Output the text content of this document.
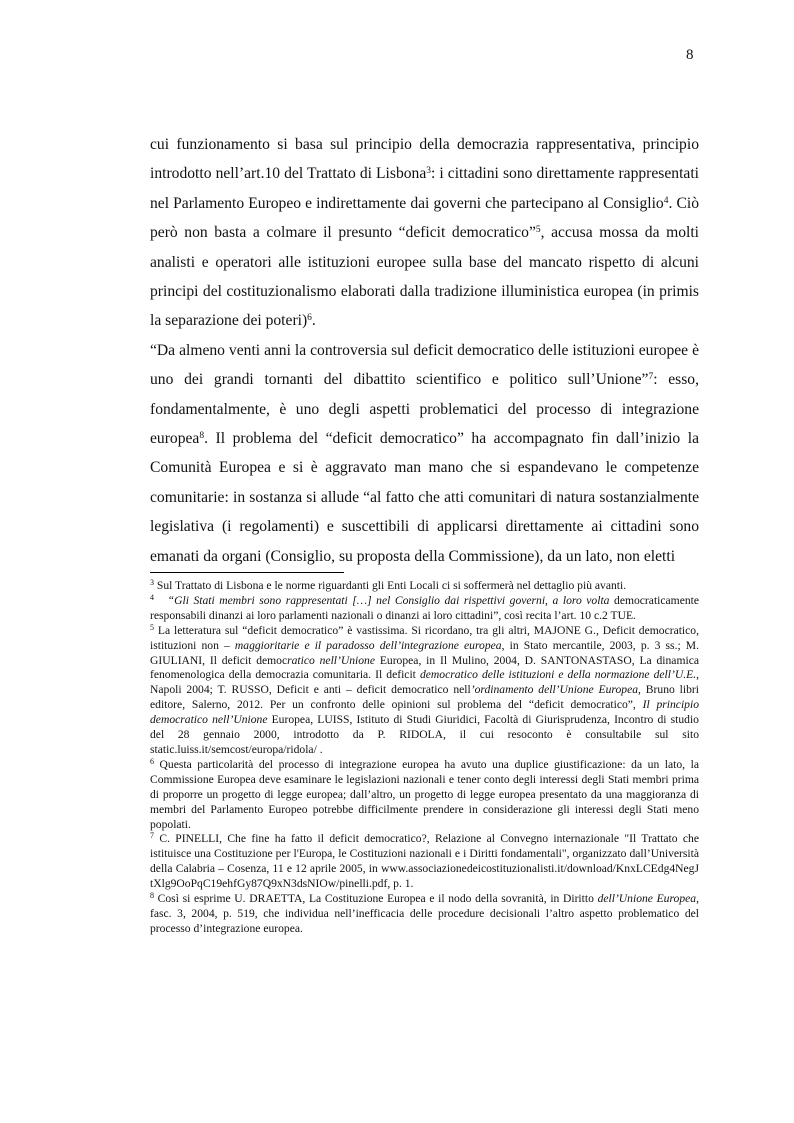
8

cui funzionamento si basa sul principio della democrazia rappresentativa, principio introdotto nell’art.10 del Trattato di Lisbona$^3$: i cittadini sono direttamente rappresentati nel Parlamento Europeo e indirettamente dai governi che partecipano al Consiglio$^4$. Ciò però non basta a colmare il presunto “deficit democratico”$^5$, accusa mossa da molti analisti e operatori alle istituzioni europee sulla base del mancato rispetto di alcuni principi del costituzionalismo elaborati dalla tradizione illuministica europea (in primis la separazione dei poteri)$^6$.

“Da almeno venti anni la controversia sul deficit democratico delle istituzioni europee è uno dei grandi tornanti del dibattito scientifico e politico sull’Unione”$^7$: esso, fondamentalmente, è uno degli aspetti problematici del processo di integrazione europea$^8$. Il problema del “deficit democratico” ha accompagnato fin dall’inizio la Comunità Europea e si è aggravato man mano che si espandevano le competenze comunitarie: in sostanza si allude “al fatto che atti comunitari di natura sostanzialmente legislativa (i regolamenti) e suscettibili di applicarsi direttamente ai cittadini sono emanati da organi (Consiglio, su proposta della Commissione), da un lato, non eletti

$^3$ Sul Trattato di Lisbona e le norme riguardanti gli Enti Locali ci si soffermerà nel dettaglio più avanti.

$^4$ “Gli Stati membri sono rappresentati […] nel Consiglio dai rispettivi governi, a loro volta democraticamente responsabili dinanzi ai loro parlamenti nazionali o dinanzi ai loro cittadini”, così recita l’art. 10 c.2 TUE.

$^5$ La letteratura sul “deficit democratico” è vastissima. Si ricordano, tra gli altri, MAJONE G., Deficit democratico, istituzioni non – maggioritarie e il paradosso dell’integrazione europea, in Stato mercantile, 2003, p. 3 ss.; M. GIULIANI, Il deficit democratico nell’Unione Europea, in Il Mulino, 2004, D. SANTONASTASO, La dinamica fenomenologica della democrazia comunitaria. Il deficit democratico delle istituzioni e della normazione dell’U.E., Napoli 2004; T. RUSSO, Deficit e anti – deficit democratico nell’ordinamento dell’Unione Europea, Bruno libri editore, Salerno, 2012. Per un confronto delle opinioni sul problema del “deficit democratico”, Il principio democratico nell’Unione Europea, LUISS, Istituto di Studi Giuridici, Facoltà di Giurisprudenza, Incontro di studio del 28 gennaio 2000, introdotto da P. RIDOLA, il cui resoconto è consultabile sul sito static.luiss.it/semcost/europa/ridola/ .

$^6$ Questa particolarità del processo di integrazione europea ha avuto una duplice giustificazione: da un lato, la Commissione Europea deve esaminare le legislazioni nazionali e tener conto degli interessi degli Stati membri prima di proporre un progetto di legge europea; dall’altro, un progetto di legge europea presentato da una maggioranza di membri del Parlamento Europeo potrebbe difficilmente prendere in considerazione gli interessi degli Stati meno popolati.

$^7$ C. PINELLI, Che fine ha fatto il deficit democratico?, Relazione al Convegno internazionale "Il Trattato che istituisce una Costituzione per l'Europa, le Costituzioni nazionali e i Diritti fondamentali", organizzato dall’Università della Calabria – Cosenza, 11 e 12 aprile 2005, in www.associazionedeicostituzionalisti.it/download/KnxLCEdg4NegJtXlg9OoPqC19ehfGy87Q9xN3dsNIOw/pinelli.pdf, p. 1.

$^8$ Così si esprime U. DRAETTA, La Costituzione Europea e il nodo della sovranità, in Diritto dell’Unione Europea, fasc. 3, 2004, p. 519, che individua nell’inefficacia delle procedure decisionali l’altro aspetto problematico del processo d’integrazione europea.
